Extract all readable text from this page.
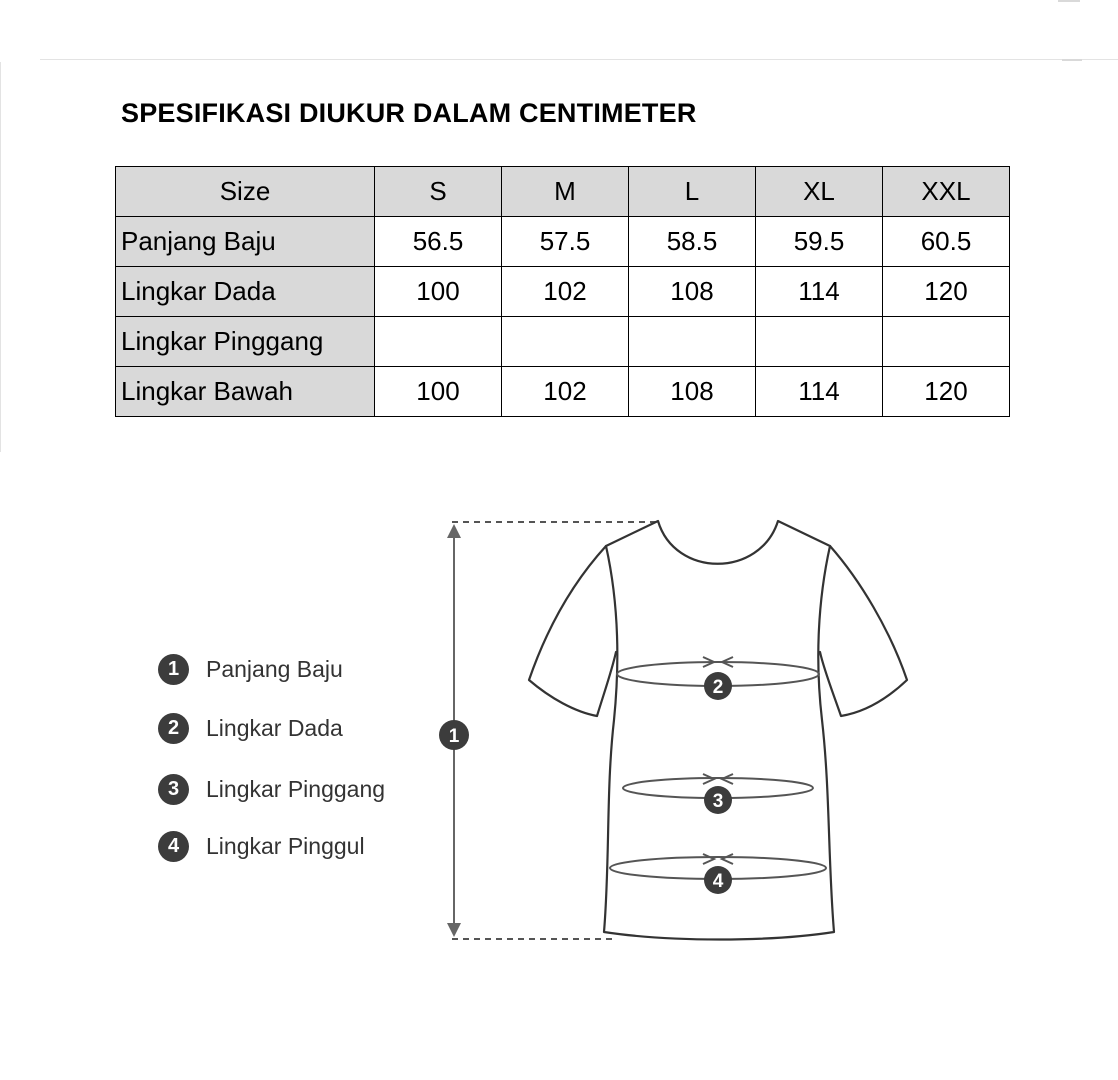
SPESIFIKASI DIUKUR DALAM CENTIMETER
Size	S	M	L	XL	XXL
Panjang Baju	56.5	57.5	58.5	59.5	60.5
Lingkar Dada	100	102	108	114	120
Lingkar Pinggang					
Lingkar Bawah	100	102	108	114	120
1	Panjang Baju
2	Lingkar Dada
3	Lingkar Pinggang
4	Lingkar Pinggul
1
2
3
4
